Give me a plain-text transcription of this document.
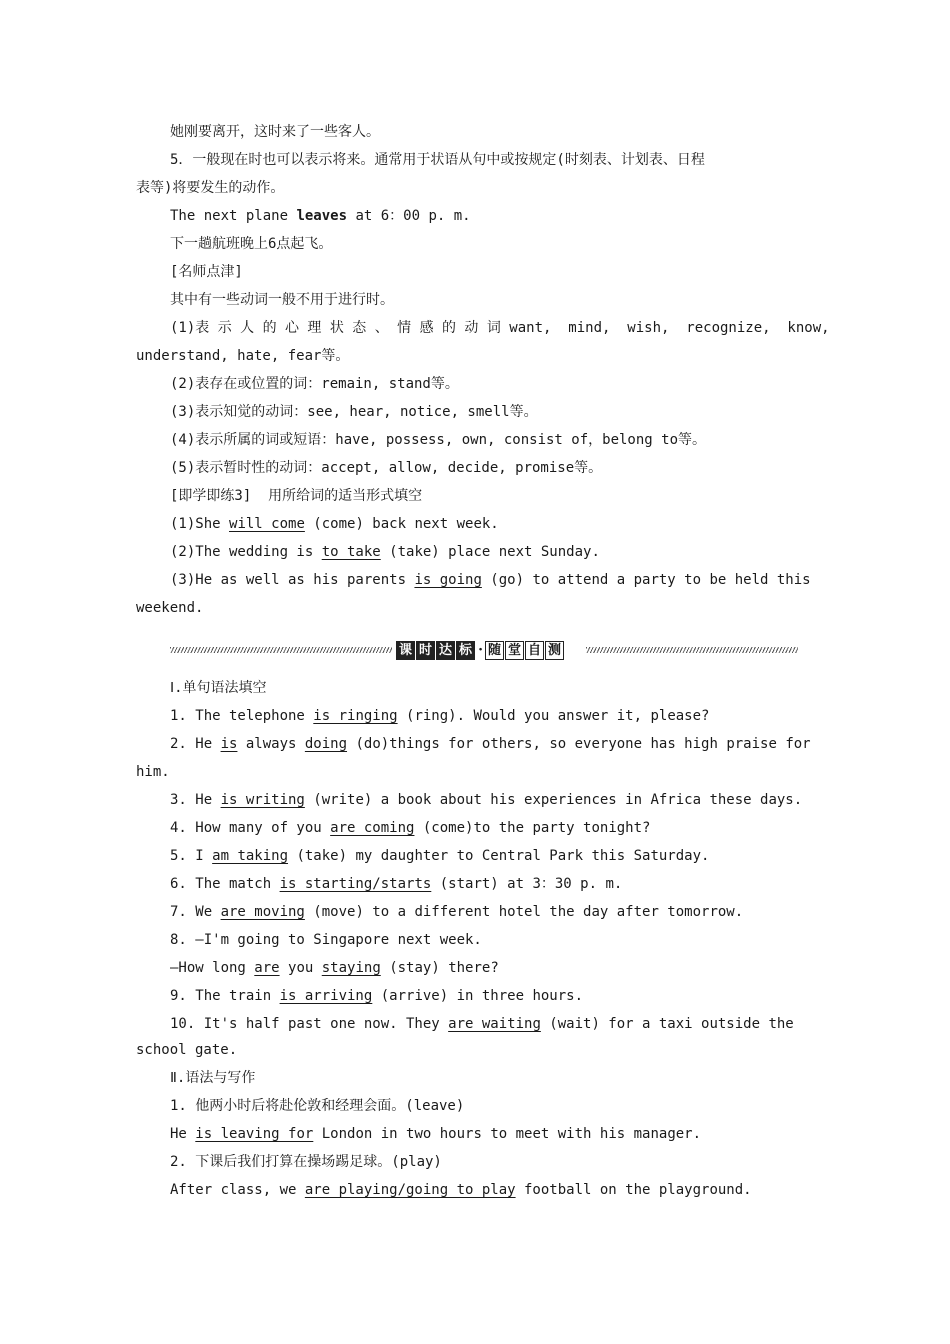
她刚要离开，这时来了一些客人。
5．一般现在时也可以表示将来。通常用于状语从句中或按规定(时刻表、计划表、日程
表等)将要发生的动作。
The next plane leaves at 6：00 p. m.
下一趟航班晚上6点起飞。
[名师点津]
其中有一些动词一般不用于进行时。
(1)表 示 人 的 心 理 状 态 、 情 感 的 动 词 want,  mind,  wish,  recognize,  know,
understand, hate, fear等。
(2)表存在或位置的词：remain, stand等。
(3)表示知觉的动词：see, hear, notice, smell等。
(4)表示所属的词或短语：have, possess, own, consist of，belong to等。
(5)表示暂时性的动词：accept, allow, decide, promise等。
[即学即练3]  用所给词的适当形式填空
(1)She will come (come) back next week.
(2)The wedding is to take (take) place next Sunday.
(3)He as well as his parents is going (go) to attend a party to be held this
weekend.
课 时 达 标 · 随 堂 自 测
Ⅰ.单句语法填空
1. The telephone is ringing (ring). Would you answer it, please?
2. He is always doing (do)things for others, so everyone has high praise for
3. He is writing (write) a book about his experiences in Africa these days.
4. How many of you are coming (come)to the party tonight?
5. I am taking (take) my daughter to Central Park this Saturday.
6. The match is starting/starts (start) at 3：30 p. m.
7. We are moving (move) to a different hotel the day after tomorrow.
8. —I'm going to Singapore next week.
—How long are you staying (stay) there?
9. The train is arriving (arrive) in three hours.
10. It's half past one now. They are waiting (wait) for a taxi outside the
him.
school gate.
Ⅱ.语法与写作
1. 他两小时后将赴伦敦和经理会面。(leave)
He is leaving for London in two hours to meet with his manager.
2. 下课后我们打算在操场踢足球。(play)
After class, we are playing/going to play football on the playground.
